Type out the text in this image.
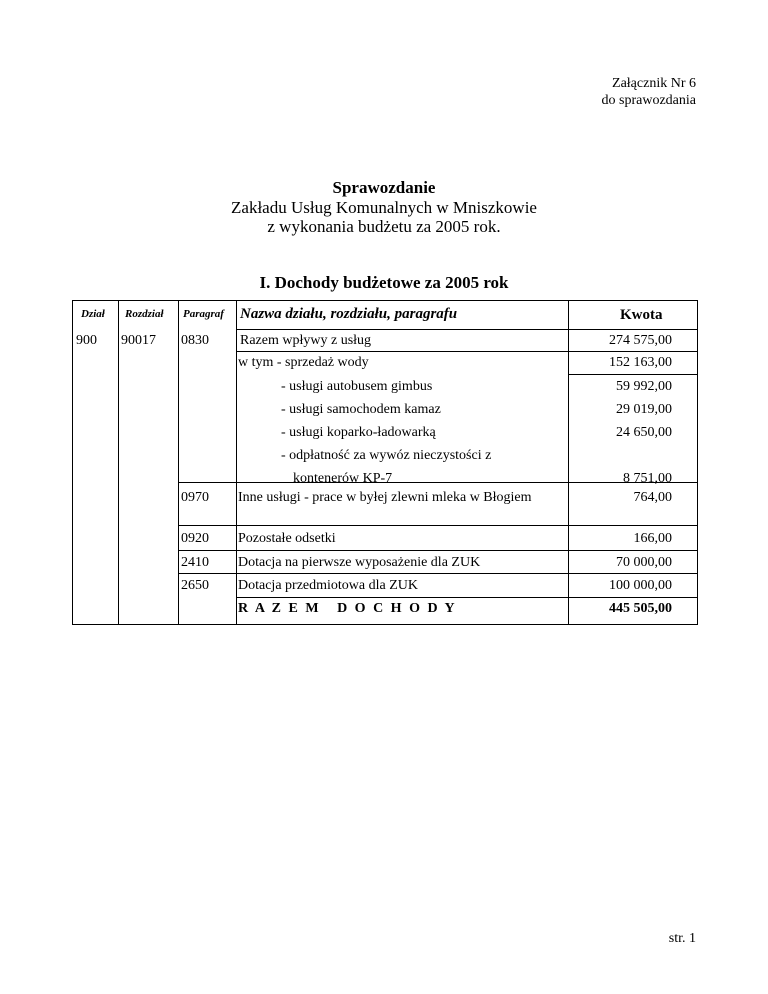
Załącznik Nr 6
do sprawozdania
Sprawozdanie
Zakładu Usług Komunalnych w Mniszkowie
z wykonania budżetu za 2005 rok.
I. Dochody budżetowe za 2005 rok
Dział Rozdział Paragraf Nazwa działu, rozdziału, paragrafu	Kwota
900 90017 0830 Razem wpływy z usług	274 575,00
w tym - sprzedaż wody	152 163,00
- usługi autobusem gimbus	59 992,00
- usługi samochodem kamaz	29 019,00
- usługi koparko-ładowarką	24 650,00
- odpłatność za wywóz nieczystości z
kontenerów KP-7	8 751,00
0970 Inne usługi - prace w byłej zlewni mleka w Błogiem	764,00
0920 Pozostałe odsetki	166,00
2410 Dotacja na pierwsze wyposażenie dla ZUK	70 000,00
2650 Dotacja przedmiotowa dla ZUK	100 000,00
R A Z E M   D O C H O D Y	445 505,00
str. 1
